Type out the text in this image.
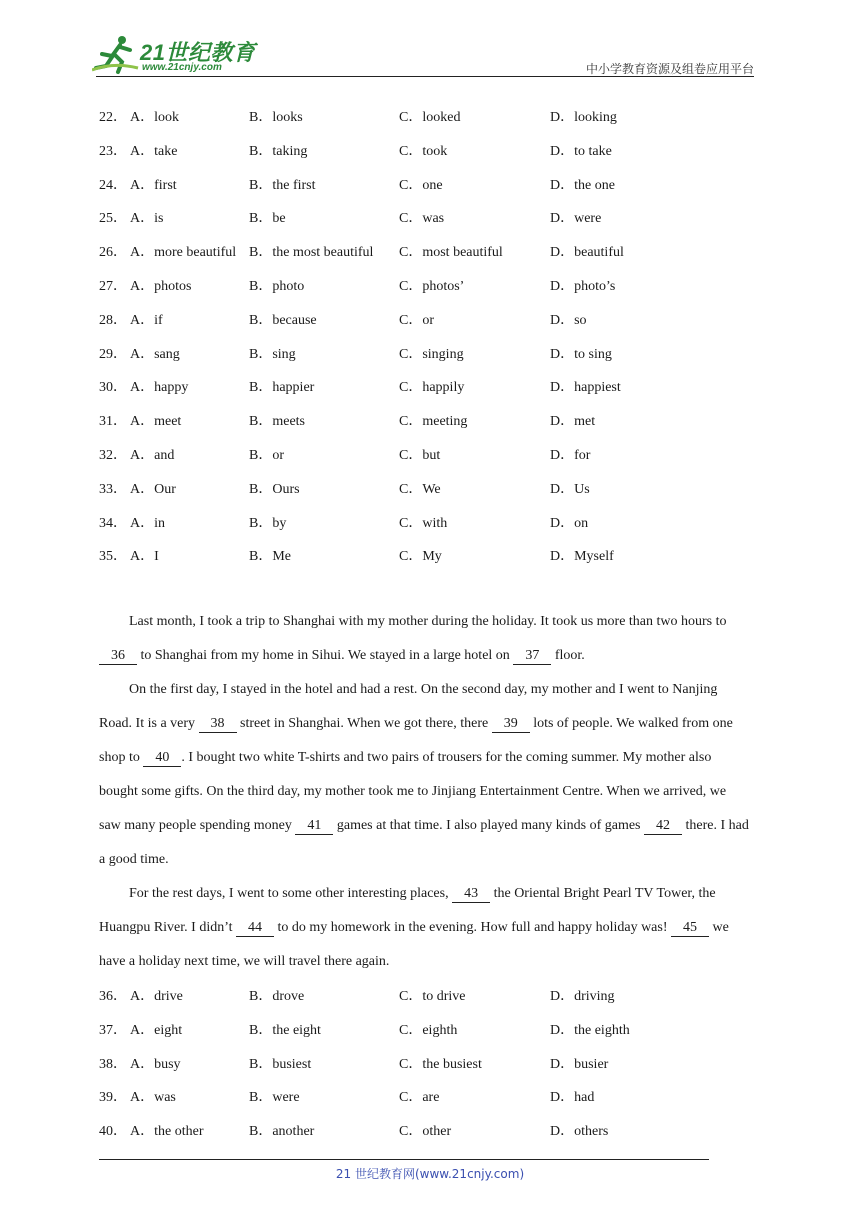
21世纪教育
www.21cnjy.com	中小学教育资源及组卷应用平台
22． A．look	B．looks	C．looked	D．looking
23． A．take	B．taking	C．took	D．to take
24． A．first	B．the first	C．one	D．the one
25． A．is	B．be	C．was	D．were
26． A．more beautiful B．the most beautiful C．most beautiful	D．beautiful
27． A．photos	B．photo	C．photos’	D．photo’s
28． A．if	B．because	C．or	D．so
29． A．sang	B．sing	C．singing	D．to sing
30． A．happy	B．happier	C．happily	D．happiest
31． A．meet	B．meets	C．meeting	D．met
32． A．and	B．or	C．but	D．for
33． A．Our	B．Ours	C．We	D．Us
34． A．in	B．by	C．with	D．on
35． A．I	B．Me	C．My	D．Myself

Last month, I took a trip to Shanghai with my mother during the holiday. It took us more than two hours to 36 to Shanghai from my home in Sihui. We stayed in a large hotel on 37 floor.

On the first day, I stayed in the hotel and had a rest. On the second day, my mother and I went to Nanjing Road. It is a very 38 street in Shanghai. When we got there, there 39 lots of people. We walked from one shop to 40 . I bought two white T-shirts and two pairs of trousers for the coming summer. My mother also bought some gifts. On the third day, my mother took me to Jinjiang Entertainment Centre. When we arrived, we saw many people spending money 41 games at that time. I also played many kinds of games 42 there. I had a good time.

For the rest days, I went to some other interesting places, 43 the Oriental Bright Pearl TV Tower, the Huangpu River. I didn’t 44 to do my homework in the evening. How full and happy holiday was! 45 we have a holiday next time, we will travel there again.

36． A．drive	B．drove	C．to drive	D．driving
37． A．eight	B．the eight	C．eighth	D．the eighth
38． A．busy	B．busiest	C．the busiest	D．busier
39． A．was	B．were	C．are	D．had
40． A．the other	B．another	C．other	D．others
21 世纪教育网(www.21cnjy.com)
